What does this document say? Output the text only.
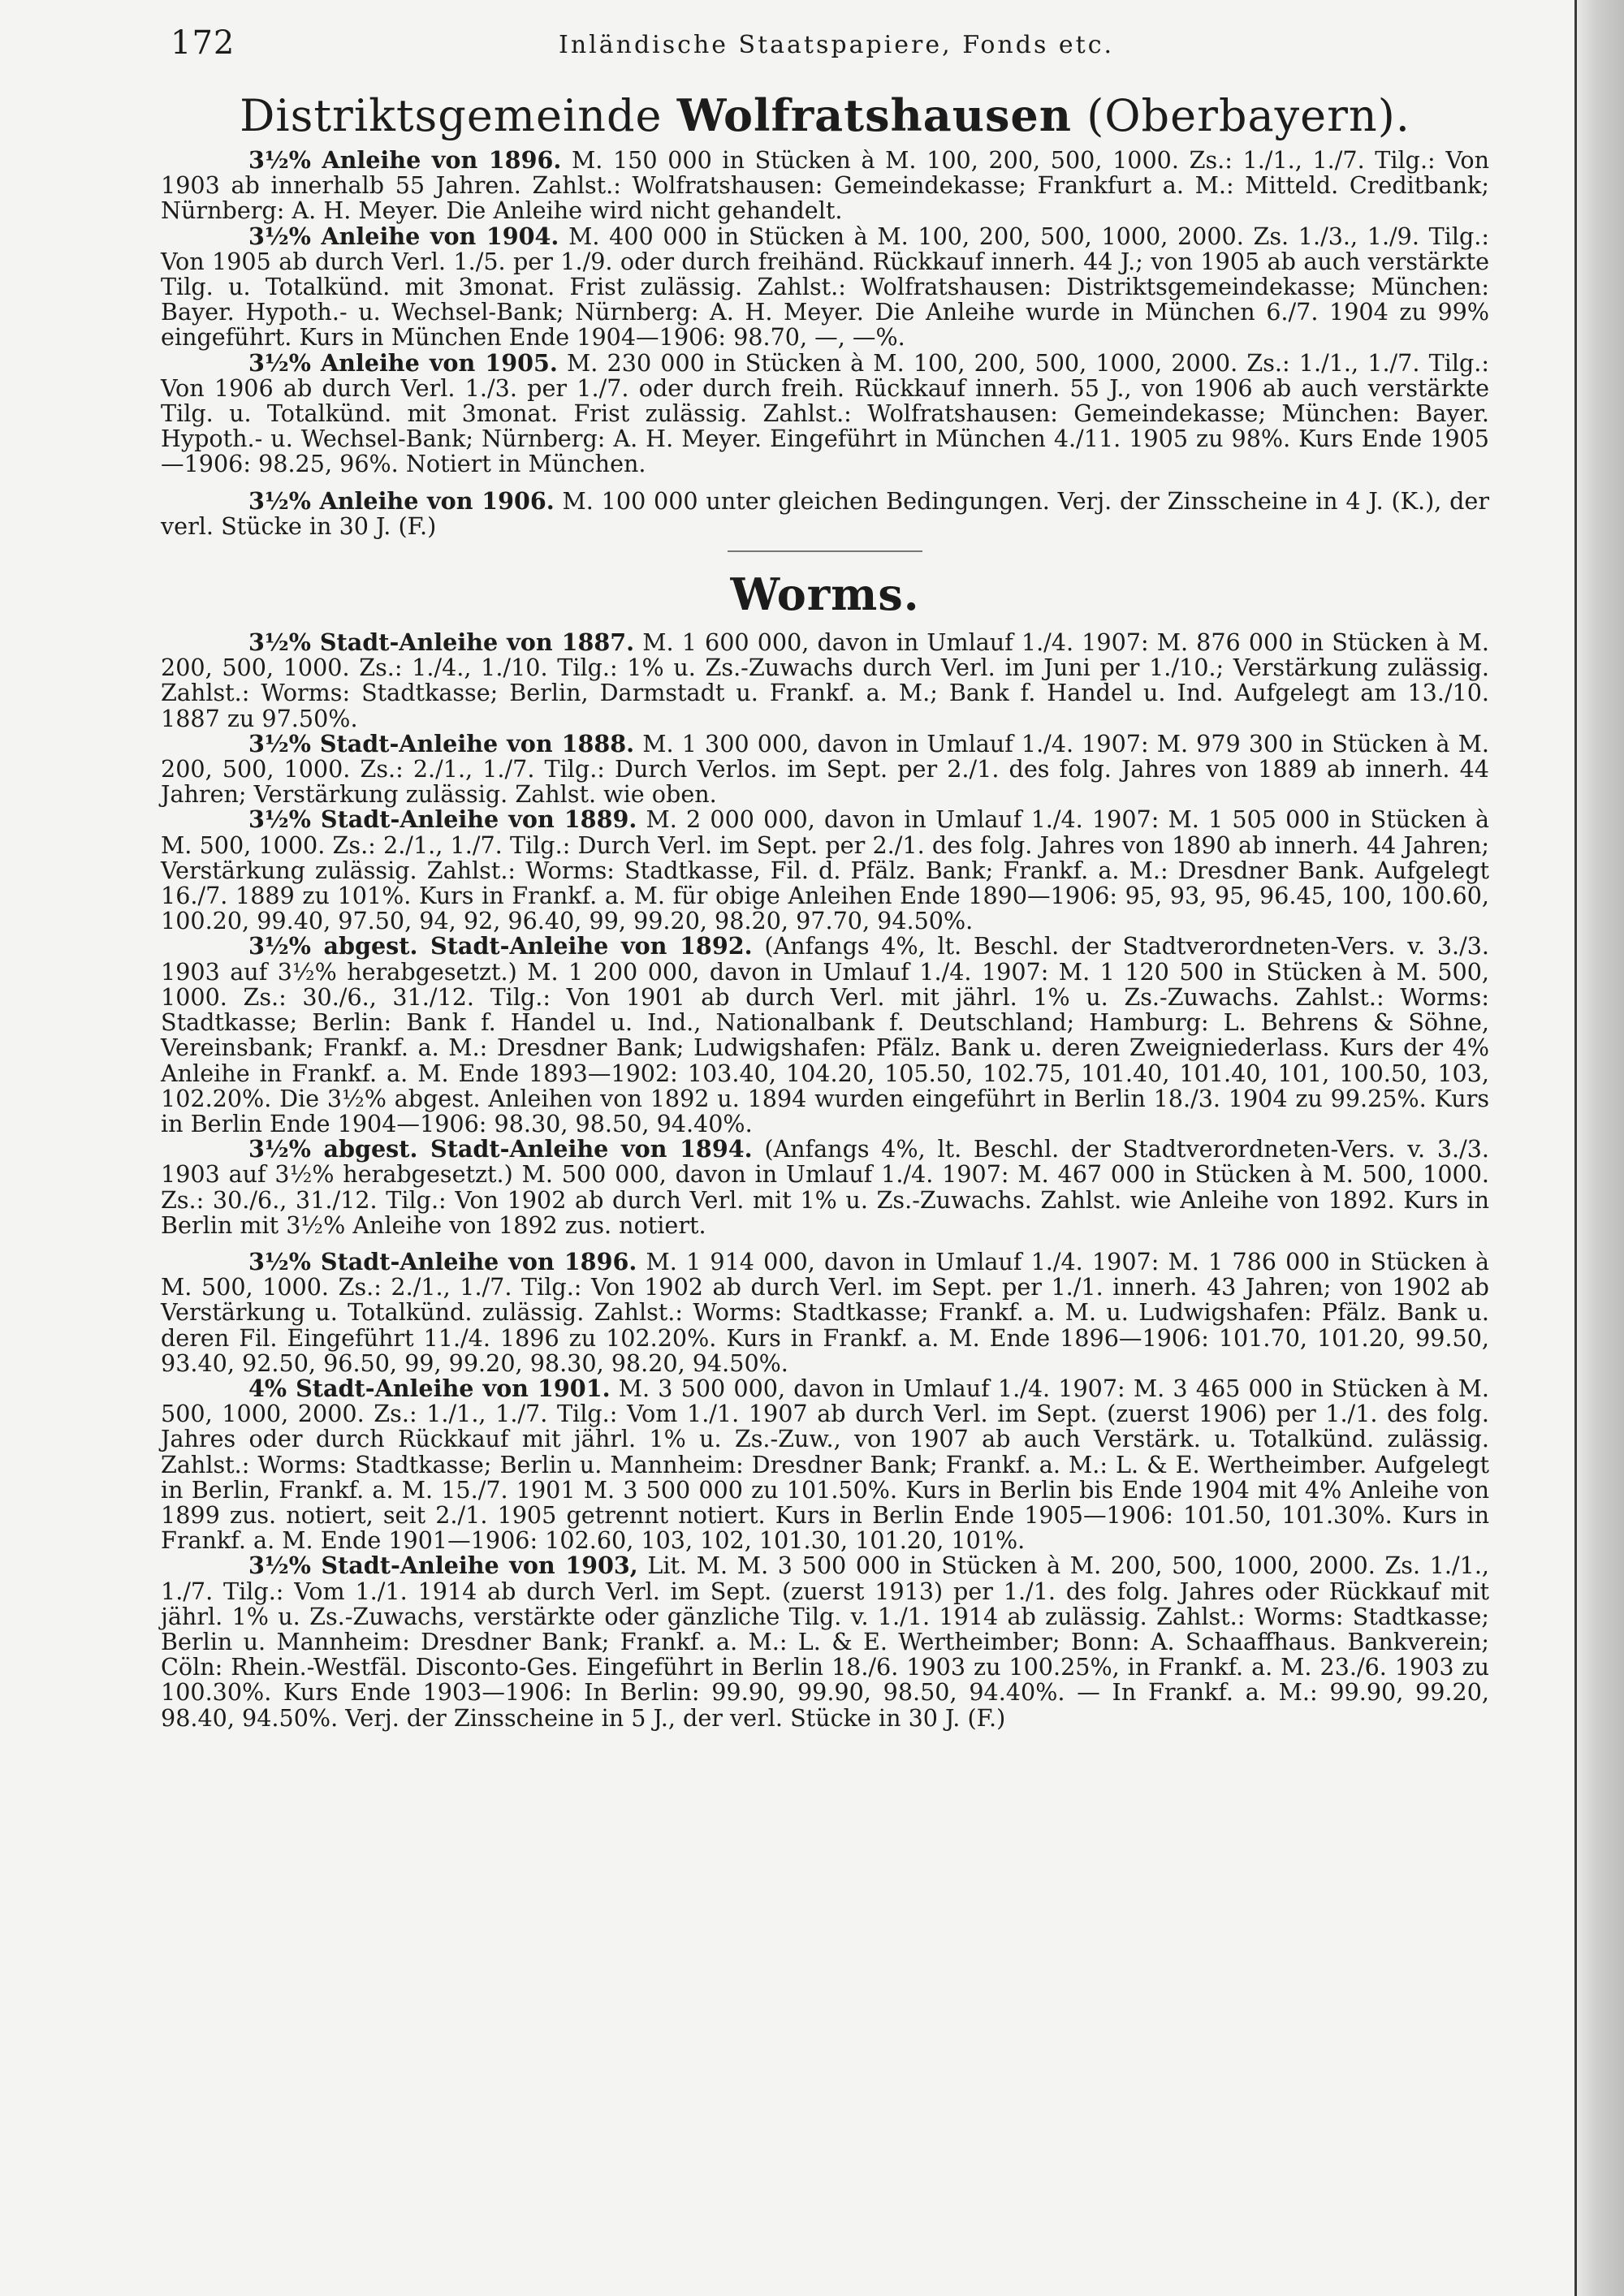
172	Inländische Staatspapiere, Fonds etc.
Distriktsgemeinde Wolfratshausen (Oberbayern).

3½% Anleihe von 1896. M. 150 000 in Stücken à M. 100, 200, 500, 1000. Zs.: 1./1., 1./7. Tilg.: Von 1903 ab innerhalb 55 Jahren. Zahlst.: Wolfratshausen: Gemeindekasse; Frankfurt a. M.: Mitteld. Creditbank; Nürnberg: A. H. Meyer. Die Anleihe wird nicht gehandelt.

3½% Anleihe von 1904. M. 400 000 in Stücken à M. 100, 200, 500, 1000, 2000. Zs. 1./3., 1./9. Tilg.: Von 1905 ab durch Verl. 1./5. per 1./9. oder durch freihänd. Rückkauf innerh. 44 J.; von 1905 ab auch verstärkte Tilg. u. Totalkünd. mit 3monat. Frist zulässig. Zahlst.: Wolfratshausen: Distriktsgemeindekasse; München: Bayer. Hypoth.- u. Wechsel-Bank; Nürnberg: A. H. Meyer. Die Anleihe wurde in München 6./7. 1904 zu 99% eingeführt. Kurs in München Ende 1904—1906: 98.70, —, —%.

3½% Anleihe von 1905. M. 230 000 in Stücken à M. 100, 200, 500, 1000, 2000. Zs.: 1./1., 1./7. Tilg.: Von 1906 ab durch Verl. 1./3. per 1./7. oder durch freih. Rückkauf innerh. 55 J., von 1906 ab auch verstärkte Tilg. u. Totalkünd. mit 3monat. Frist zulässig. Zahlst.: Wolfratshausen: Gemeindekasse; München: Bayer. Hypoth.- u. Wechsel-Bank; Nürnberg: A. H. Meyer. Eingeführt in München 4./11. 1905 zu 98%. Kurs Ende 1905—1906: 98.25, 96%. Notiert in München.

3½% Anleihe von 1906. M. 100 000 unter gleichen Bedingungen. Verj. der Zinsscheine in 4 J. (K.), der verl. Stücke in 30 J. (F.)

Worms.

3½% Stadt-Anleihe von 1887. M. 1 600 000, davon in Umlauf 1./4. 1907: M. 876 000 in Stücken à M. 200, 500, 1000. Zs.: 1./4., 1./10. Tilg.: 1% u. Zs.-Zuwachs durch Verl. im Juni per 1./10.; Verstärkung zulässig. Zahlst.: Worms: Stadtkasse; Berlin, Darmstadt u. Frankf. a. M.; Bank f. Handel u. Ind. Aufgelegt am 13./10. 1887 zu 97.50%.

3½% Stadt-Anleihe von 1888. M. 1 300 000, davon in Umlauf 1./4. 1907: M. 979 300 in Stücken à M. 200, 500, 1000. Zs.: 2./1., 1./7. Tilg.: Durch Verlos. im Sept. per 2./1. des folg. Jahres von 1889 ab innerh. 44 Jahren; Verstärkung zulässig. Zahlst. wie oben.

3½% Stadt-Anleihe von 1889. M. 2 000 000, davon in Umlauf 1./4. 1907: M. 1 505 000 in Stücken à M. 500, 1000. Zs.: 2./1., 1./7. Tilg.: Durch Verl. im Sept. per 2./1. des folg. Jahres von 1890 ab innerh. 44 Jahren; Verstärkung zulässig. Zahlst.: Worms: Stadtkasse, Fil. d. Pfälz. Bank; Frankf. a. M.: Dresdner Bank. Aufgelegt 16./7. 1889 zu 101%. Kurs in Frankf. a. M. für obige Anleihen Ende 1890—1906: 95, 93, 95, 96.45, 100, 100.60, 100.20, 99.40, 97.50, 94, 92, 96.40, 99, 99.20, 98.20, 97.70, 94.50%.

3½% abgest. Stadt-Anleihe von 1892. (Anfangs 4%, lt. Beschl. der Stadtverordneten-Vers. v. 3./3. 1903 auf 3½% herabgesetzt.) M. 1 200 000, davon in Umlauf 1./4. 1907: M. 1 120 500 in Stücken à M. 500, 1000. Zs.: 30./6., 31./12. Tilg.: Von 1901 ab durch Verl. mit jährl. 1% u. Zs.-Zuwachs. Zahlst.: Worms: Stadtkasse; Berlin: Bank f. Handel u. Ind., Nationalbank f. Deutschland; Hamburg: L. Behrens & Söhne, Vereinsbank; Frankf. a. M.: Dresdner Bank; Ludwigshafen: Pfälz. Bank u. deren Zweigniederlass. Kurs der 4% Anleihe in Frankf. a. M. Ende 1893—1902: 103.40, 104.20, 105.50, 102.75, 101.40, 101.40, 101, 100.50, 103, 102.20%. Die 3½% abgest. Anleihen von 1892 u. 1894 wurden eingeführt in Berlin 18./3. 1904 zu 99.25%. Kurs in Berlin Ende 1904—1906: 98.30, 98.50, 94.40%.

3½% abgest. Stadt-Anleihe von 1894. (Anfangs 4%, lt. Beschl. der Stadtverordneten-Vers. v. 3./3. 1903 auf 3½% herabgesetzt.) M. 500 000, davon in Umlauf 1./4. 1907: M. 467 000 in Stücken à M. 500, 1000. Zs.: 30./6., 31./12. Tilg.: Von 1902 ab durch Verl. mit 1% u. Zs.-Zuwachs. Zahlst. wie Anleihe von 1892. Kurs in Berlin mit 3½% Anleihe von 1892 zus. notiert.

3½% Stadt-Anleihe von 1896. M. 1 914 000, davon in Umlauf 1./4. 1907: M. 1 786 000 in Stücken à M. 500, 1000. Zs.: 2./1., 1./7. Tilg.: Von 1902 ab durch Verl. im Sept. per 1./1. innerh. 43 Jahren; von 1902 ab Verstärkung u. Totalkünd. zulässig. Zahlst.: Worms: Stadtkasse; Frankf. a. M. u. Ludwigshafen: Pfälz. Bank u. deren Fil. Eingeführt 11./4. 1896 zu 102.20%. Kurs in Frankf. a. M. Ende 1896—1906: 101.70, 101.20, 99.50, 93.40, 92.50, 96.50, 99, 99.20, 98.30, 98.20, 94.50%.

4% Stadt-Anleihe von 1901. M. 3 500 000, davon in Umlauf 1./4. 1907: M. 3 465 000 in Stücken à M. 500, 1000, 2000. Zs.: 1./1., 1./7. Tilg.: Vom 1./1. 1907 ab durch Verl. im Sept. (zuerst 1906) per 1./1. des folg. Jahres oder durch Rückkauf mit jährl. 1% u. Zs.-Zuw., von 1907 ab auch Verstärk. u. Totalkünd. zulässig. Zahlst.: Worms: Stadtkasse; Berlin u. Mannheim: Dresdner Bank; Frankf. a. M.: L. & E. Wertheimber. Aufgelegt in Berlin, Frankf. a. M. 15./7. 1901 M. 3 500 000 zu 101.50%. Kurs in Berlin bis Ende 1904 mit 4% Anleihe von 1899 zus. notiert, seit 2./1. 1905 getrennt notiert. Kurs in Berlin Ende 1905—1906: 101.50, 101.30%. Kurs in Frankf. a. M. Ende 1901—1906: 102.60, 103, 102, 101.30, 101.20, 101%.

3½% Stadt-Anleihe von 1903, Lit. M. M. 3 500 000 in Stücken à M. 200, 500, 1000, 2000. Zs. 1./1., 1./7. Tilg.: Vom 1./1. 1914 ab durch Verl. im Sept. (zuerst 1913) per 1./1. des folg. Jahres oder Rückkauf mit jährl. 1% u. Zs.-Zuwachs, verstärkte oder gänzliche Tilg. v. 1./1. 1914 ab zulässig. Zahlst.: Worms: Stadtkasse; Berlin u. Mannheim: Dresdner Bank; Frankf. a. M.: L. & E. Wertheimber; Bonn: A. Schaaffhaus. Bankverein; Cöln: Rhein.-Westfäl. Disconto-Ges. Eingeführt in Berlin 18./6. 1903 zu 100.25%, in Frankf. a. M. 23./6. 1903 zu 100.30%. Kurs Ende 1903—1906: In Berlin: 99.90, 99.90, 98.50, 94.40%. — In Frankf. a. M.: 99.90, 99.20, 98.40, 94.50%. Verj. der Zinsscheine in 5 J., der verl. Stücke in 30 J. (F.)
